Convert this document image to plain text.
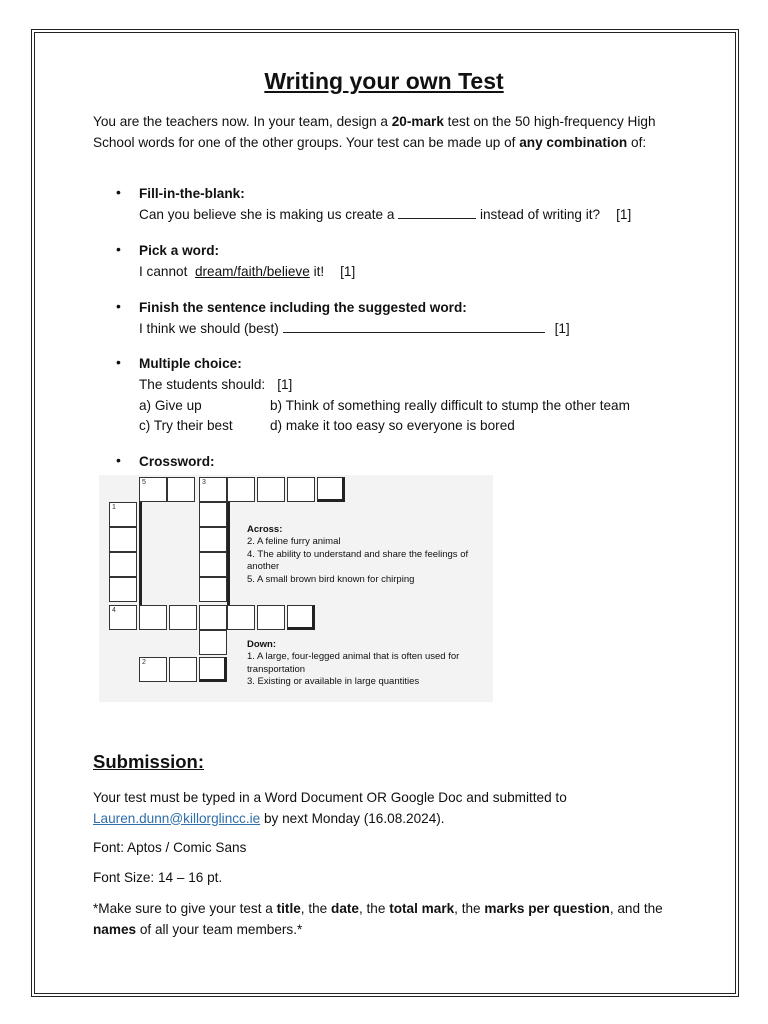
Writing your own Test
You are the teachers now. In your team, design a 20-mark test on the 50 high-frequency High School words for one of the other groups. Your test can be made up of any combination of:
• Fill-in-the-blank:
Can you believe she is making us create a	instead of writing it? [1]
• Pick a word:
I cannot  dream/faith/believe it! [1]
• Finish the sentence including the suggested word:
I think we should (best)	[1]
• Multiple choice:
The students should: [1]
a) Give up	b) Think of something really difficult to stump the other team
c) Try their best	d) make it too easy so everyone is bored
• Crossword:
5	3
1
4
2
Across:
2. A feline furry animal
4. The ability to understand and share the feelings of another
5. A small brown bird known for chirping
Down:
1. A large, four-legged animal that is often used for transportation
3. Existing or available in large quantities
Submission:
Your test must be typed in a Word Document OR Google Doc and submitted to
Lauren.dunn@killorglincc.ie by next Monday (16.08.2024).
Font: Aptos / Comic Sans
Font Size: 14 – 16 pt.
*Make sure to give your test a title, the date, the total mark, the marks per question, and the names of all your team members.*
